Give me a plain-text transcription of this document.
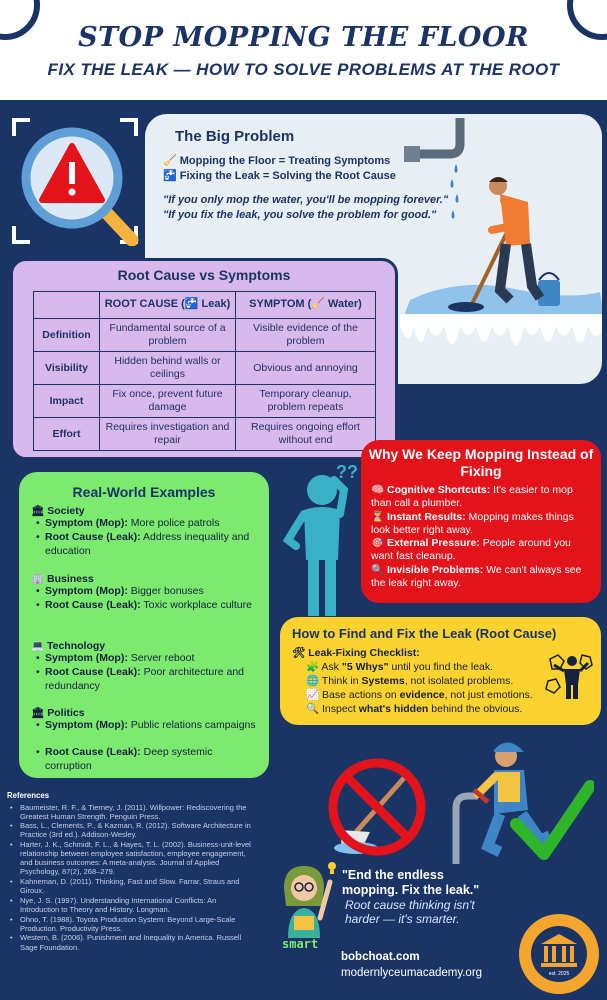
STOP MOPPING THE FLOOR
FIX THE LEAK — HOW TO SOLVE PROBLEMS AT THE ROOT
The Big Problem
🧹 Mopping the Floor = Treating Symptoms
🚰 Fixing the Leak = Solving the Root Cause
"If you only mop the water, you'll be mopping forever."
"If you fix the leak, you solve the problem for good."
Root Cause vs Symptoms
	ROOT CAUSE (🚰 Leak)	SYMPTOM (🧹 Water)
Definition	Fundamental source of a problem	Visible evidence of the problem
Visibility	Hidden behind walls or ceilings	Obvious and annoying
Impact	Fix once, prevent future damage	Temporary cleanup, problem repeats
Effort	Requires investigation and repair	Requires ongoing effort without end
Real-World Examples
🏛 Society
• Symptom (Mop): More police patrols
• Root Cause (Leak): Address inequality and education
🏢 Business
• Symptom (Mop): Bigger bonuses
• Root Cause (Leak): Toxic workplace culture
💻 Technology
• Symptom (Mop): Server reboot
• Root Cause (Leak): Poor architecture and redundancy
🏛 Politics
• Symptom (Mop): Public relations campaigns
• Root Cause (Leak): Deep systemic corruption
??
Why We Keep Mopping Instead of Fixing
🧠 Cognitive Shortcuts: It's easier to mop than call a plumber.
⏳ Instant Results: Mopping makes things look better right away.
🎯 External Pressure: People around you want fast cleanup.
🔍 Invisible Problems: We can't always see the leak right away.
How to Find and Fix the Leak (Root Cause)
🛠 Leak-Fixing Checklist:
🧩 Ask "5 Whys" until you find the leak.
🌐 Think in Systems, not isolated problems.
📈 Base actions on evidence, not just emotions.
🔍 Inspect what's hidden behind the obvious.
References
• Baumeister, R. F., & Tierney, J. (2011). Willpower: Rediscovering the Greatest Human Strength. Penguin Press.
• Bass, L., Clements, P., & Kazman, R. (2012). Software Architecture in Practice (3rd ed.). Addison-Wesley.
• Harter, J. K., Schmidt, F. L., & Hayes, T. L. (2002). Business-unit-level relationship between employee satisfaction, employee engagement, and business outcomes: A meta-analysis. Journal of Applied Psychology, 87(2), 268–279.
• Kahneman, D. (2011). Thinking, Fast and Slow. Farrar, Straus and Giroux.
• Nye, J. S. (1997). Understanding International Conflicts: An Introduction to Theory and History. Longman.
• Ohno, T. (1988). Toyota Production System: Beyond Large-Scale Production. Productivity Press.
• Western, B. (2006). Punishment and Inequality in America. Russell Sage Foundation.	smart
"End the endless mopping. Fix the leak."
Root cause thinking isn't harder — it's smarter.
bobchoat.com
modernlyceumacademy.org	est. 2025
